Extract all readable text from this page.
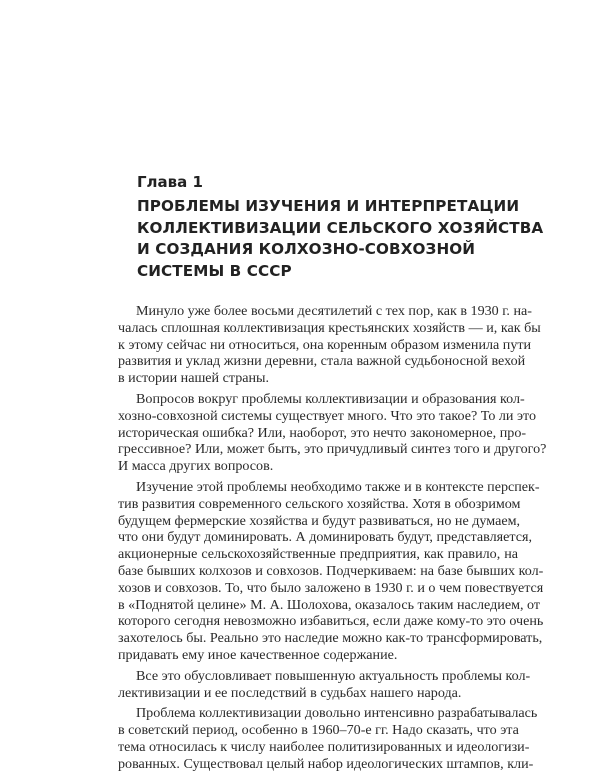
Глава 1
ПРОБЛЕМЫ ИЗУЧЕНИЯ И ИНТЕРПРЕТАЦИИ
КОЛЛЕКТИВИЗАЦИИ СЕЛЬСКОГО ХОЗЯЙСТВА
И СОЗДАНИЯ КОЛХОЗНО-СОВХОЗНОЙ
СИСТЕМЫ В СССР

Минуло уже более восьми десятилетий с тех пор, как в 1930 г. на-
чалась сплошная коллективизация крестьянских хозяйств — и, как бы
к этому сейчас ни относиться, она коренным образом изменила пути
развития и уклад жизни деревни, стала важной судьбоносной вехой
в истории нашей страны.

Вопросов вокруг проблемы коллективизации и образования кол-
хозно-совхозной системы существует много. Что это такое? То ли это
историческая ошибка? Или, наоборот, это нечто закономерное, про-
грессивное? Или, может быть, это причудливый синтез того и другого?
И масса других вопросов.

Изучение этой проблемы необходимо также и в контексте перспек-
тив развития современного сельского хозяйства. Хотя в обозримом
будущем фермерские хозяйства и будут развиваться, но не думаем,
что они будут доминировать. А доминировать будут, представляется,
акционерные сельскохозяйственные предприятия, как правило, на
базе бывших колхозов и совхозов. Подчеркиваем: на базе бывших кол-
хозов и совхозов. То, что было заложено в 1930 г. и о чем повествуется
в «Поднятой целине» М. А. Шолохова, оказалось таким наследием, от
которого сегодня невозможно избавиться, если даже кому-то это очень
захотелось бы. Реально это наследие можно как-то трансформировать,
придавать ему иное качественное содержание.

Все это обусловливает повышенную актуальность проблемы кол-
лективизации и ее последствий в судьбах нашего народа.

Проблема коллективизации довольно интенсивно разрабатывалась
в советский период, особенно в 1960–70-е гг. Надо сказать, что эта
тема относилась к числу наиболее политизированных и идеологизи-
рованных. Существовал целый набор идеологических штампов, кли-
